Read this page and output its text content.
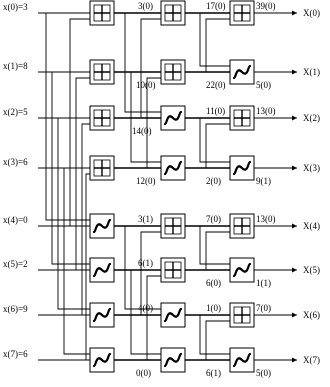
x(0)=3
x(1)=8
x(2)=5
x(3)=6
x(4)=0
x(5)=2
x(6)=9
x(7)=6
X(0)
X(1)
X(2)
X(3)
X(4)
X(5)
X(6)
X(7)
3(0)
10(0)
14(0)
12(0)
3(1)
6(1)
4(0)
0(0)
17(0)
22(0)
11(0)
2(0)
7(0)
6(0)
1(0)
6(1)
39(0)
5(0)
13(0)
9(1)
13(0)
1(1)
7(0)
5(0)
